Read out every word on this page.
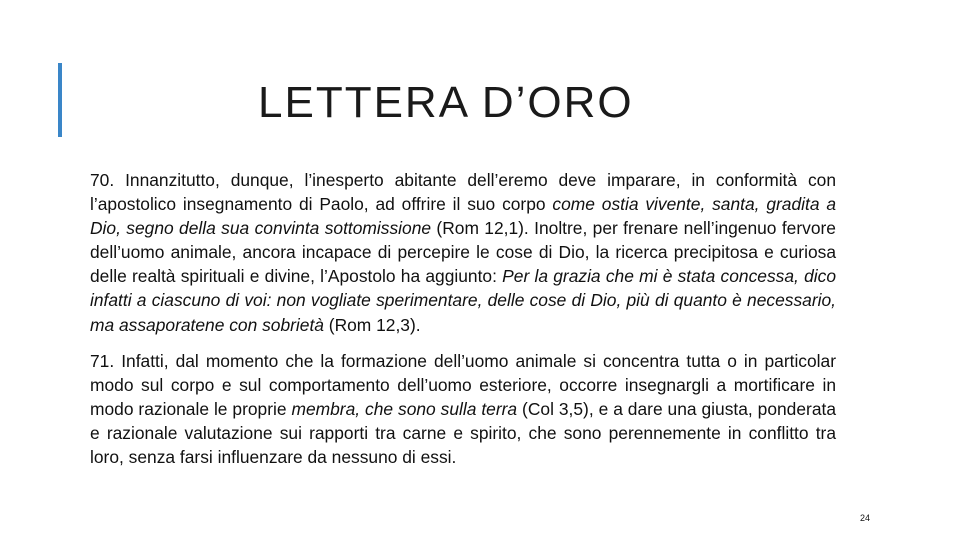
LETTERA D’ORO

70. Innanzitutto, dunque, l’inesperto abitante dell’eremo deve imparare, in conformità con l’apostolico insegnamento di Paolo, ad offrire il suo corpo come ostia vivente, santa, gradita a Dio, segno della sua convinta sottomissione (Rom 12,1). Inoltre, per frenare nell’ingenuo fervore dell’uomo animale, ancora incapace di percepire le cose di Dio, la ricerca precipitosa e curiosa delle realtà spirituali e divine, l’Apostolo ha aggiunto: Per la grazia che mi è stata concessa, dico infatti a ciascuno di voi: non vogliate sperimentare, delle cose di Dio, più di quanto è necessario, ma assaporatene con sobrietà (Rom 12,3).

71. Infatti, dal momento che la formazione dell’uomo animale si concentra tutta o in particolar modo sul corpo e sul comportamento dell’uomo esteriore, occorre insegnargli a mortificare in modo razionale le proprie membra, che sono sulla terra (Col 3,5), e a dare una giusta, ponderata e razionale valutazione sui rapporti tra carne e spirito, che sono perennemente in conflitto tra loro, senza farsi influenzare da nessuno di essi.

24
